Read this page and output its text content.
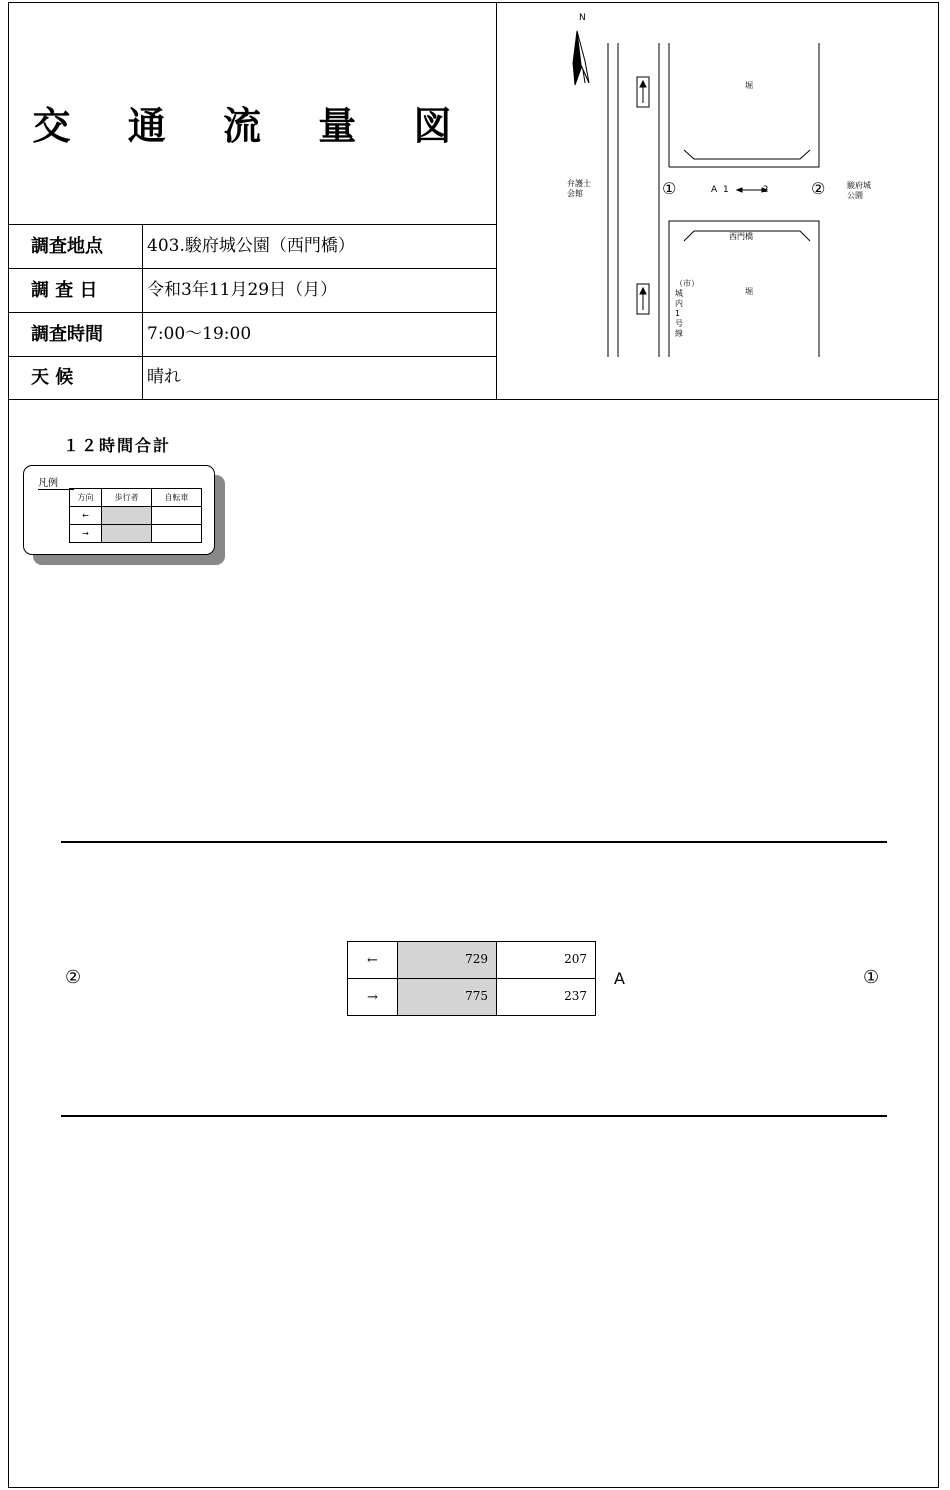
交 通 流 量 図
調査地点	403.駿府城公園（西門橋）
調 査 日	令和3年11月29日（月）
調査時間	7:00～19:00
天 候	晴れ
N
堀
堀
西門橋
弁護士
会館
駿府城
公園
（市）城内1号線
①	②
A 1	2
１２時間合計
凡例
方向	歩行者	自転車
←		
→		
②	①
A
←	729	207
→	775	237
